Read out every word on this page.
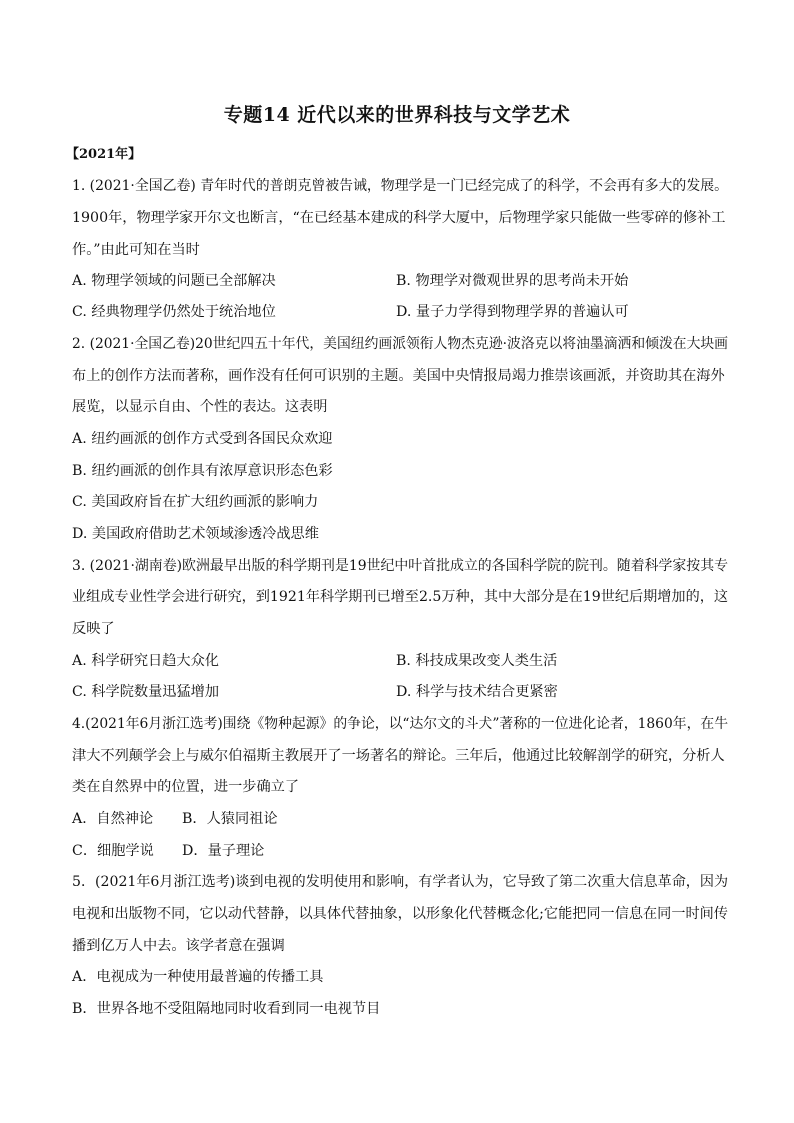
专题14 近代以来的世界科技与文学艺术
【2021年】
1. (2021·全国乙卷) 青年时代的普朗克曾被告诫，物理学是一门已经完成了的科学，不会再有多大的发展。
1900年，物理学家开尔文也断言，“在已经基本建成的科学大厦中，后物理学家只能做一些零碎的修补工
作。”由此可知在当时
A. 物理学领域的问题已全部解决	B. 物理学对微观世界的思考尚未开始
C. 经典物理学仍然处于统治地位	D. 量子力学得到物理学界的普遍认可
2. (2021·全国乙卷)20世纪四五十年代，美国纽约画派领衔人物杰克逊·波洛克以将油墨滴洒和倾泼在大块画
布上的创作方法而著称，画作没有任何可识别的主题。美国中央情报局竭力推崇该画派，并资助其在海外
展览，以显示自由、个性的表达。这表明
A. 纽约画派的创作方式受到各国民众欢迎
B. 纽约画派的创作具有浓厚意识形态色彩
C. 美国政府旨在扩大纽约画派的影响力
D. 美国政府借助艺术领域渗透冷战思维
3. (2021·湖南卷)欧洲最早出版的科学期刊是19世纪中叶首批成立的各国科学院的院刊。随着科学家按其专
业组成专业性学会进行研究，到1921年科学期刊已增至2.5万种，其中大部分是在19世纪后期增加的，这
反映了
A. 科学研究日趋大众化	B. 科技成果改变人类生活
C. 科学院数量迅猛增加	D. 科学与技术结合更紧密
4.(2021年6月浙江选考)围绕《物种起源》的争论，以“达尔文的斗犬”著称的一位进化论者，1860年，在牛
津大不列颠学会上与威尔伯福斯主教展开了一场著名的辩论。三年后，他通过比较解剖学的研究，分析人
类在自然界中的位置，进一步确立了
A．自然神论 B．人猿同祖论
C．细胞学说 D．量子理论
5．(2021年6月浙江选考)谈到电视的发明使用和影响，有学者认为，它导致了第二次重大信息革命，因为
电视和出版物不同，它以动代替静，以具体代替抽象，以形象化代替概念化;它能把同一信息在同一时间传
播到亿万人中去。该学者意在强调
A．电视成为一种使用最普遍的传播工具
B．世界各地不受阻隔地同时收看到同一电视节目
